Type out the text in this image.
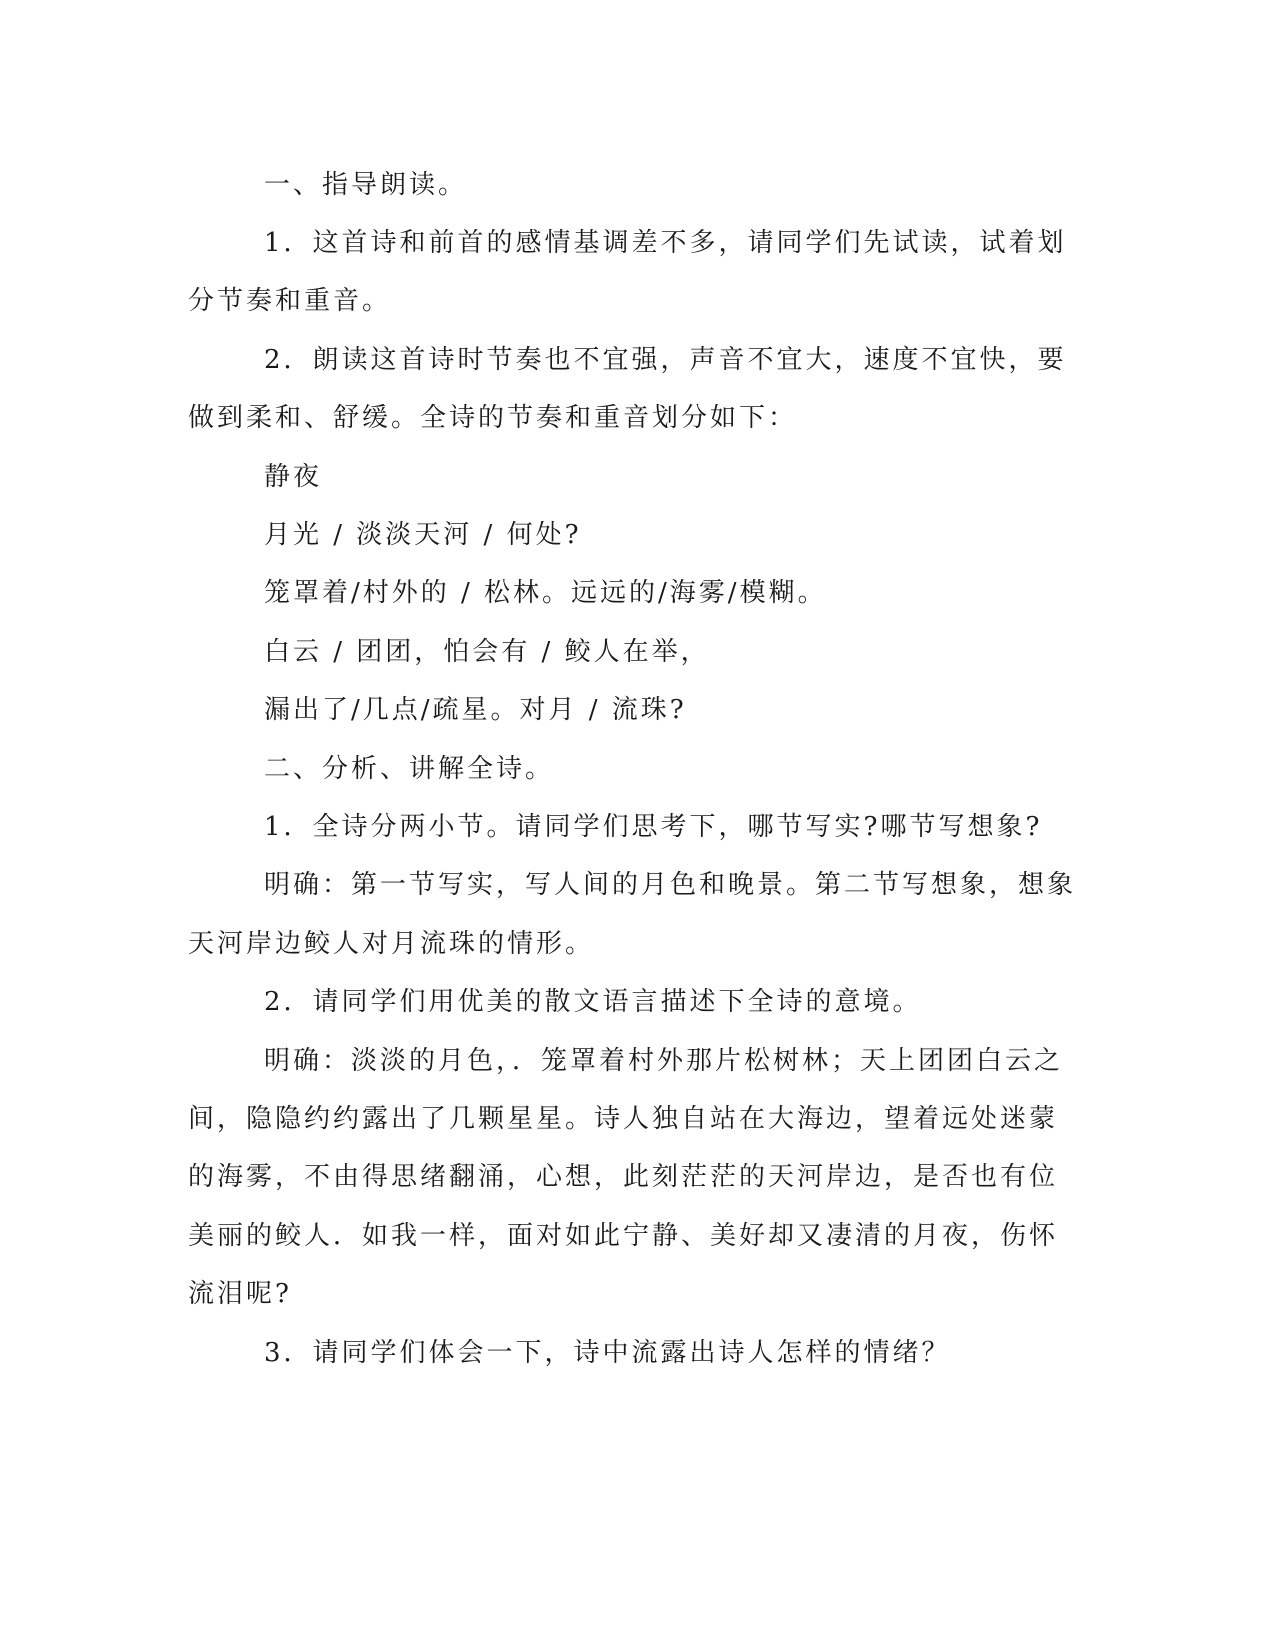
一、指导朗读。
1．这首诗和前首的感情基调差不多，请同学们先试读，试着划
分节奏和重音。
2．朗读这首诗时节奏也不宜强，声音不宜大，速度不宜快，要
做到柔和、舒缓。全诗的节奏和重音划分如下：
静夜
月光 / 淡淡天河 / 何处?
笼罩着/村外的 / 松林。远远的/海雾/模糊。
白云 / 团团，怕会有 / 鲛人在举，
漏出了/几点/疏星。对月 / 流珠?
二、分析、讲解全诗。
1．全诗分两小节。请同学们思考下，哪节写实?哪节写想象?
明确：第一节写实，写人间的月色和晚景。第二节写想象，想象
天河岸边鲛人对月流珠的情形。
2．请同学们用优美的散文语言描述下全诗的意境。
明确：淡淡的月色，．笼罩着村外那片松树林；天上团团白云之
间，隐隐约约露出了几颗星星。诗人独自站在大海边，望着远处迷蒙
的海雾，不由得思绪翻涌，心想，此刻茫茫的天河岸边，是否也有位
美丽的鲛人．如我一样，面对如此宁静、美好却又凄清的月夜，伤怀
流泪呢?
3．请同学们体会一下，诗中流露出诗人怎样的情绪？
